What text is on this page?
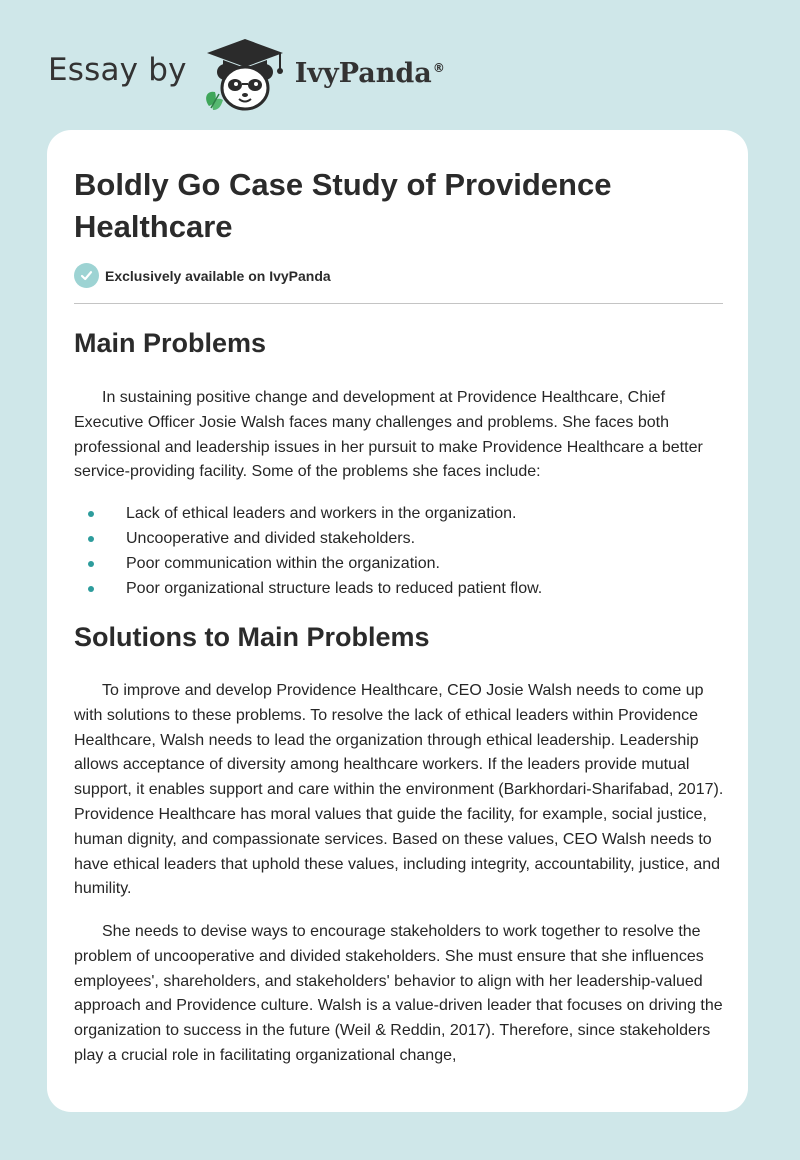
Essay by	IvyPanda®
Boldly Go Case Study of Providence Healthcare
Exclusively available on IvyPanda
Main Problems

In sustaining positive change and development at Providence Healthcare, Chief Executive Officer Josie Walsh faces many challenges and problems. She faces both professional and leadership issues in her pursuit to make Providence Healthcare a better service-providing facility. Some of the problems she faces include:

Lack of ethical leaders and workers in the organization.
Uncooperative and divided stakeholders.
Poor communication within the organization.
Poor organizational structure leads to reduced patient flow.
Solutions to Main Problems

To improve and develop Providence Healthcare, CEO Josie Walsh needs to come up with solutions to these problems. To resolve the lack of ethical leaders within Providence Healthcare, Walsh needs to lead the organization through ethical leadership. Leadership allows acceptance of diversity among healthcare workers. If the leaders provide mutual support, it enables support and care within the environment (Barkhordari-Sharifabad, 2017). Providence Healthcare has moral values that guide the facility, for example, social justice, human dignity, and compassionate services. Based on these values, CEO Walsh needs to have ethical leaders that uphold these values, including integrity, accountability, justice, and humility.

She needs to devise ways to encourage stakeholders to work together to resolve the problem of uncooperative and divided stakeholders. She must ensure that she influences employees', shareholders, and stakeholders' behavior to align with her leadership-valued approach and Providence culture. Walsh is a value-driven leader that focuses on driving the organization to success in the future (Weil & Reddin, 2017). Therefore, since stakeholders play a crucial role in facilitating organizational change,
